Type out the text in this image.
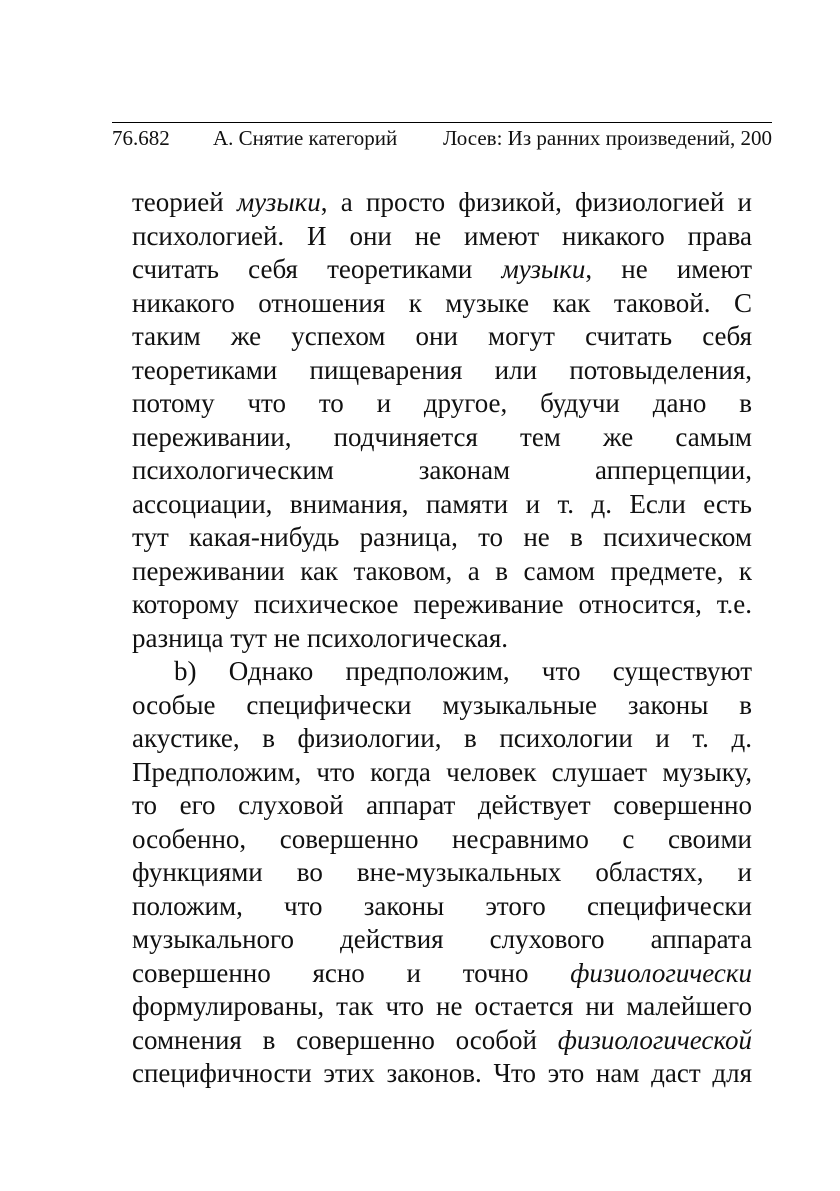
76.682 А. Снятие категорий Лосев: Из ранних произведений, 200
теорией музыки, а просто физикой, физиологией и
психологией. И они не имеют никакого права
считать себя теоретиками музыки, не имеют
никакого отношения к музыке как таковой. С
таким же успехом они могут считать себя
теоретиками пищеварения или потовыделения,
потому что то и другое, будучи дано в
переживании, подчиняется тем же самым
психологическим законам апперцепции,
ассоциации, внимания, памяти и т. д. Если есть
тут какая-нибудь разница, то не в психическом
переживании как таковом, а в самом предмете, к
которому психическое переживание относится, т.е.
разница тут не психологическая.
b) Однако предположим, что существуют
особые специфически музыкальные законы в
акустике, в физиологии, в психологии и т. д.
Предположим, что когда человек слушает музыку,
то его слуховой аппарат действует совершенно
особенно, совершенно несравнимо с своими
функциями во вне-музыкальных областях, и
положим, что законы этого специфически
музыкального действия слухового аппарата
совершенно ясно и точно физиологически
формулированы, так что не остается ни малейшего
сомнения в совершенно особой физиологической
специфичности этих законов. Что это нам даст для
